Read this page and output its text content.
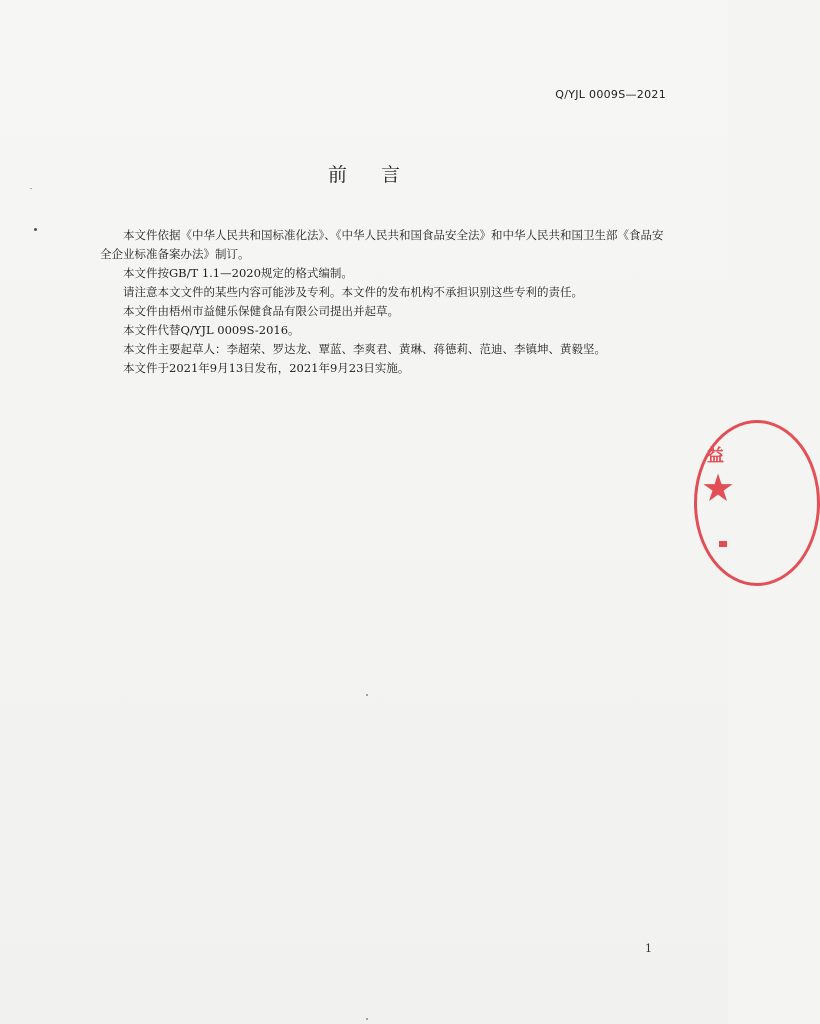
Q/YJL 0009S—2021
前言

本文件依据《中华人民共和国标准化法》、《中华人民共和国食品安全法》和中华人民共和国卫生部《食品安全企业标准备案办法》制订。

本文件按GB/T 1.1—2020规定的格式编制。

请注意本文文件的某些内容可能涉及专利。本文件的发布机构不承担识别这些专利的责任。

本文件由梧州市益健乐保健食品有限公司提出并起草。

本文件代替Q/YJL 0009S-2016。

本文件主要起草人：李超荣、罗达龙、覃蓝、李爽君、黄琳、蒋德莉、范迪、李镇坤、黄毅坚。

本文件于2021年9月13日发布，2021年9月23日实施。

1
益
★
